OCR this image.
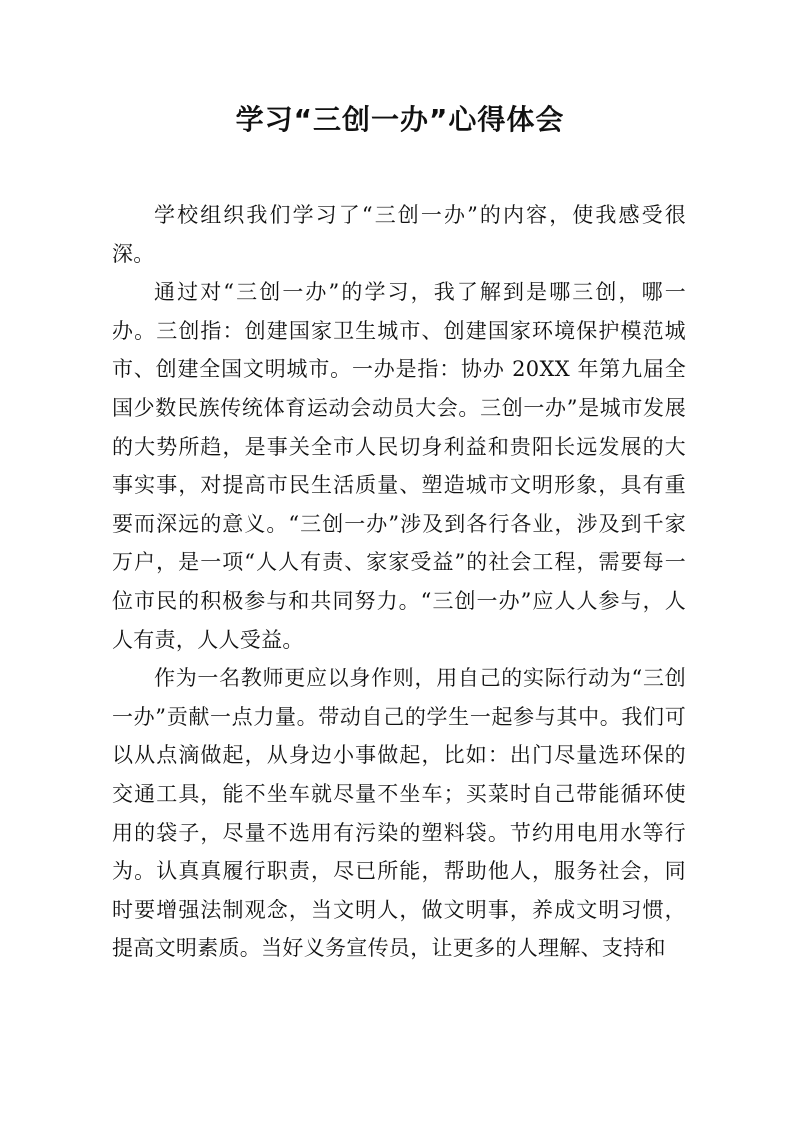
学习“三创一办”心得体会

学校组织我们学习了“三创一办”的内容，使我感受很深。

通过对“三创一办”的学习，我了解到是哪三创，哪一办。三创指：创建国家卫生城市、创建国家环境保护模范城市、创建全国文明城市。一办是指：协办 20XX 年第九届全国少数民族传统体育运动会动员大会。三创一办”是城市发展的大势所趋，是事关全市人民切身利益和贵阳长远发展的大事实事，对提高市民生活质量、塑造城市文明形象，具有重要而深远的意义。“三创一办”涉及到各行各业，涉及到千家万户，是一项“人人有责、家家受益”的社会工程，需要每一位市民的积极参与和共同努力。“三创一办”应人人参与，人人有责，人人受益。

作为一名教师更应以身作则，用自己的实际行动为“三创一办”贡献一点力量。带动自己的学生一起参与其中。我们可以从点滴做起，从身边小事做起，比如：出门尽量选环保的交通工具，能不坐车就尽量不坐车；买菜时自己带能循环使用的袋子，尽量不选用有污染的塑料袋。节约用电用水等行为。认真真履行职责，尽已所能，帮助他人，服务社会，同时要增强法制观念，当文明人，做文明事，养成文明习惯，提高文明素质。当好义务宣传员，让更多的人理解、支持和
